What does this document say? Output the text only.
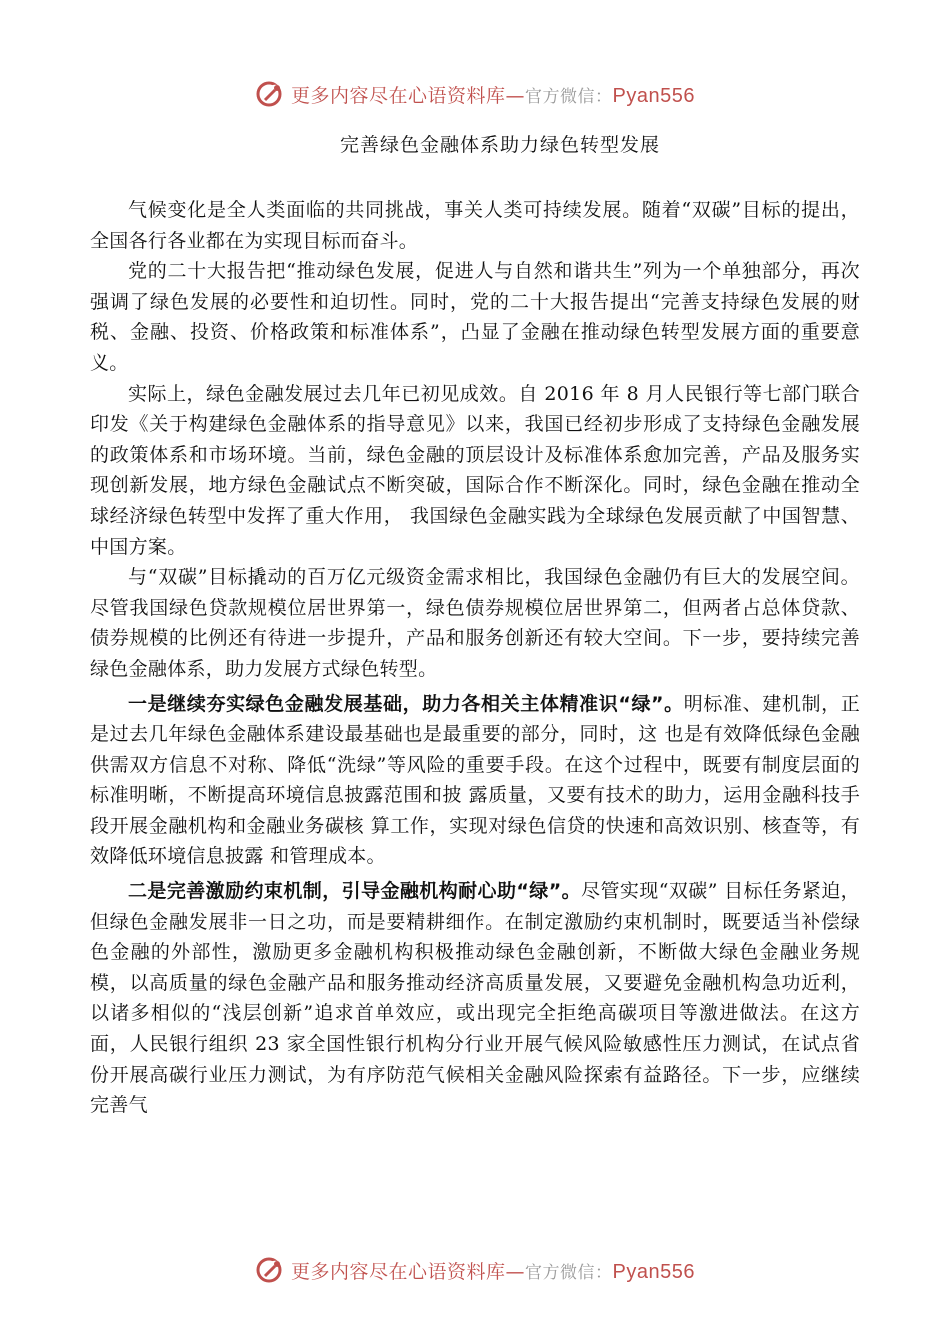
更多内容尽在心语资料库—官方微信：Pyan556
完善绿色金融体系助力绿色转型发展

气候变化是全人类面临的共同挑战，事关人类可持续发展。随着“双碳”目标的提出，全国各行各业都在为实现目标而奋斗。

党的二十大报告把“推动绿色发展，促进人与自然和谐共生”列为一个单独部分，再次强调了绿色发展的必要性和迫切性。同时，党的二十大报告提出“完善支持绿色发展的财税、金融、投资、价格政策和标准体系”，凸显了金融在推动绿色转型发展方面的重要意义。

实际上，绿色金融发展过去几年已初见成效。自 2016 年 8 月人民银行等七部门联合印发《关于构建绿色金融体系的指导意见》以来，我国已经初步形成了支持绿色金融发展的政策体系和市场环境。当前，绿色金融的顶层设计及标准体系愈加完善，产品及服务实现创新发展，地方绿色金融试点不断突破，国际合作不断深化。同时，绿色金融在推动全球经济绿色转型中发挥了重大作用， 我国绿色金融实践为全球绿色发展贡献了中国智慧、中国方案。

与“双碳”目标撬动的百万亿元级资金需求相比，我国绿色金融仍有巨大的发展空间。尽管我国绿色贷款规模位居世界第一，绿色债券规模位居世界第二，但两者占总体贷款、债券规模的比例还有待进一步提升，产品和服务创新还有较大空间。下一步，要持续完善绿色金融体系，助力发展方式绿色转型。

一是继续夯实绿色金融发展基础，助力各相关主体精准识“绿”。明标准、建机制，正是过去几年绿色金融体系建设最基础也是最重要的部分，同时，这 也是有效降低绿色金融供需双方信息不对称、降低“洗绿”等风险的重要手段。在这个过程中，既要有制度层面的标准明晰，不断提高环境信息披露范围和披 露质量，又要有技术的助力，运用金融科技手段开展金融机构和金融业务碳核 算工作，实现对绿色信贷的快速和高效识别、核查等，有效降低环境信息披露 和管理成本。

二是完善激励约束机制，引导金融机构耐心助“绿”。尽管实现“双碳” 目标任务紧迫，但绿色金融发展非一日之功，而是要精耕细作。在制定激励约束机制时，既要适当补偿绿色金融的外部性，激励更多金融机构积极推动绿色金融创新，不断做大绿色金融业务规模，以高质量的绿色金融产品和服务推动经济高质量发展，又要避免金融机构急功近利，以诸多相似的“浅层创新”追求首单效应，或出现完全拒绝高碳项目等激进做法。在这方面，人民银行组织 23 家全国性银行机构分行业开展气候风险敏感性压力测试，在试点省份开展高碳行业压力测试，为有序防范气候相关金融风险探索有益路径。下一步，应继续完善气

更多内容尽在心语资料库—官方微信：Pyan556
